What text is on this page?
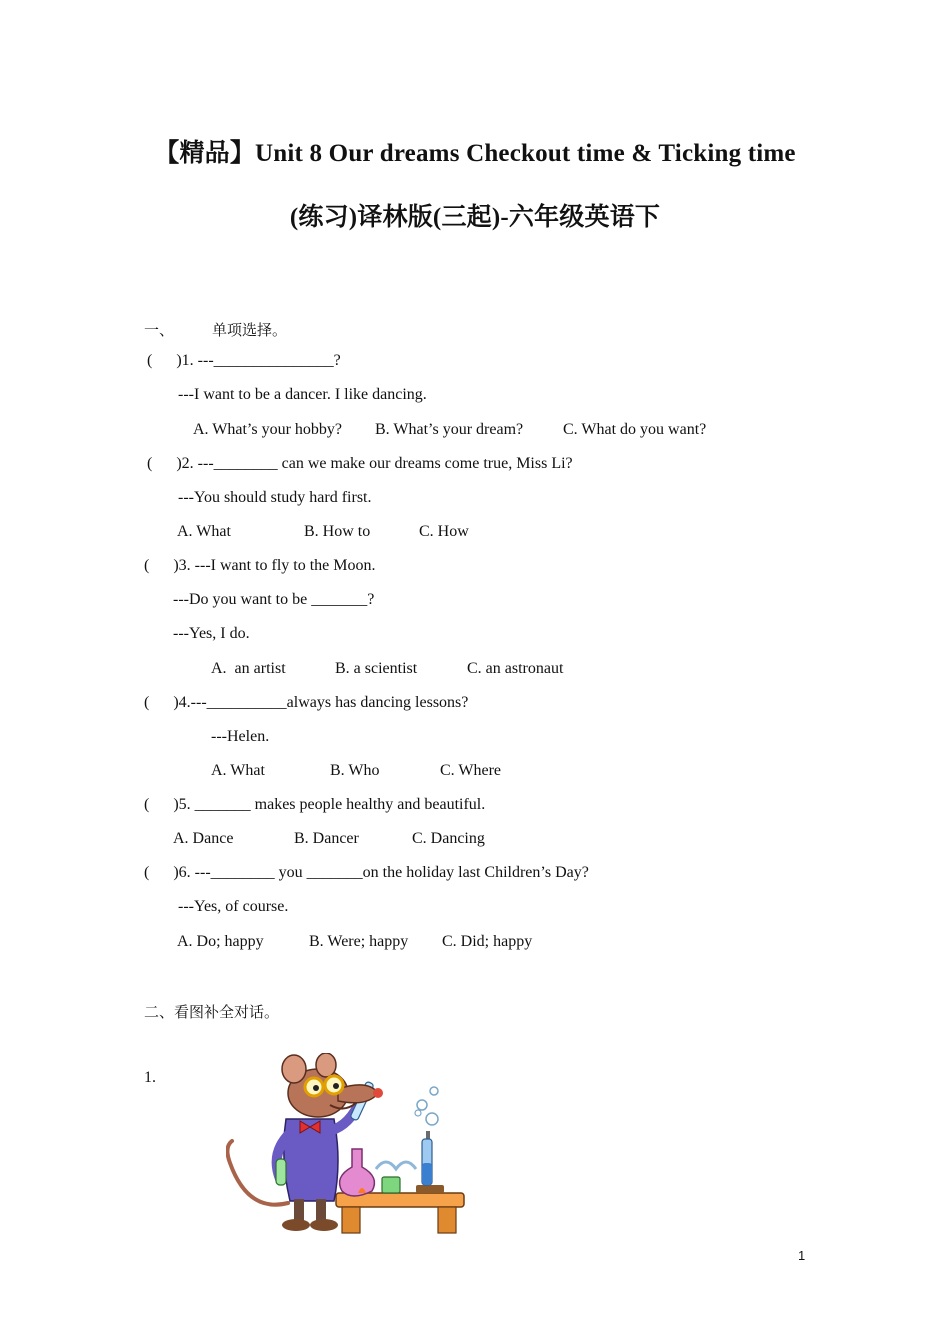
【精品】Unit 8 Our dreams Checkout time & Ticking time
(练习)译林版(三起)-六年级英语下
一、	单项选择。
(      )1. ---_______________?
---I want to be a dancer. I like dancing.
A. What’s your hobby? B. What’s your dream? C. What do you want?
(      )2. ---________ can we make our dreams come true, Miss Li?
---You should study hard first.
A. What	B. How to	C. How
(      )3. ---I want to fly to the Moon.
---Do you want to be _______?
---Yes, I do.
A.  an artist	B. a scientist	C. an astronaut
(      )4.---__________always has dancing lessons?
---Helen.
A. What	B. Who	C. Where
(      )5. _______ makes people healthy and beautiful.
A. Dance	B. Dancer	C. Dancing
(      )6. ---________ you _______on the holiday last Children’s Day?
---Yes, of course.
A. Do; happy	B. Were; happy C. Did; happy
二、看图补全对话。
1.
1
